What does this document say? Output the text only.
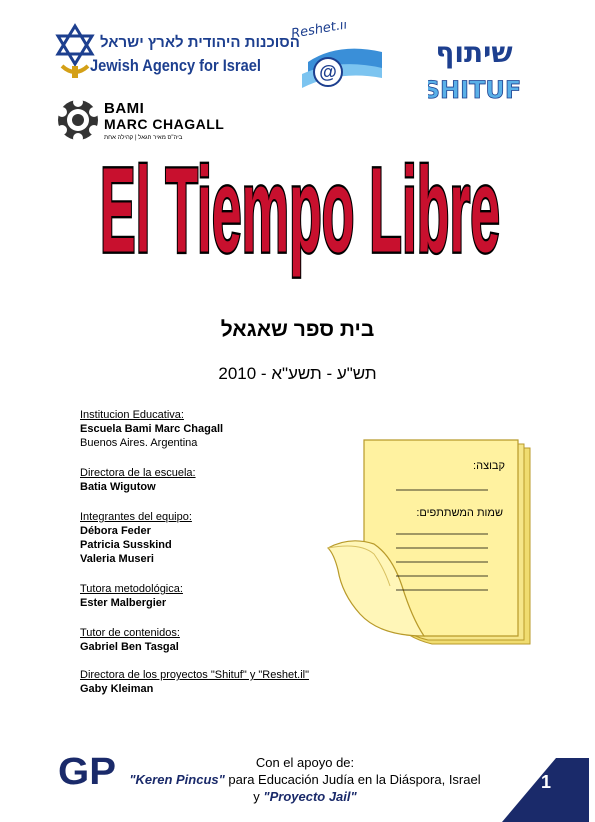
הסוכנות היהודית לארץ ישראל
Jewish Agency for Israel	@
Reshet.il
שיתוף
SHITUF
BAMI
MARC CHAGALL
ביה"ס מאיר חגאל | קהילה אחת
El Tiempo Libre
בית ספר שאגאל
2010 - תש"ע - תשע"א
Institucion Educativa:
Escuela Bami Marc Chagall
Buenos Aires. Argentina
Directora de la escuela:
Batia Wigutow
Integrantes del equipo:
Débora Feder
Patricia Susskind
Valeria Museri
Tutora metodológica:
Ester Malbergier
Tutor de contenidos:
Gabriel Ben Tasgal
Directora de los proyectos "Shituf" y "Reshet.il"
Gaby Kleiman
קבוצה:
שמות המשתתפים:
GP	Con el apoyo de:
"Keren Pincus" para Educación Judía en la Diáspora, Israel
y "Proyecto Jail"
1
